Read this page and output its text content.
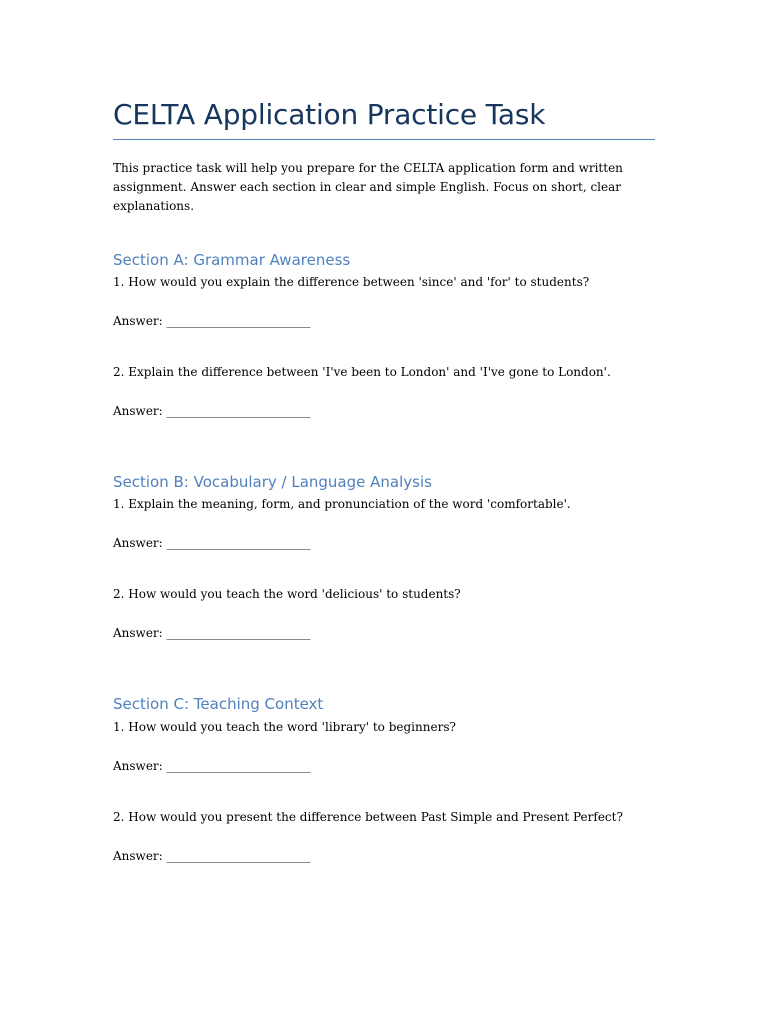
CELTA Application Practice Task
This practice task will help you prepare for the CELTA application form and written assignment. Answer each section in clear and simple English. Focus on short, clear explanations.
Section A: Grammar Awareness
1. How would you explain the difference between 'since' and 'for' to students?
Answer: ________________________
2. Explain the difference between 'I've been to London' and 'I've gone to London'.
Answer: ________________________
Section B: Vocabulary / Language Analysis
1. Explain the meaning, form, and pronunciation of the word 'comfortable'.
Answer: ________________________
2. How would you teach the word 'delicious' to students?
Answer: ________________________
Section C: Teaching Context
1. How would you teach the word 'library' to beginners?
Answer: ________________________
2. How would you present the difference between Past Simple and Present Perfect?
Answer: ________________________
